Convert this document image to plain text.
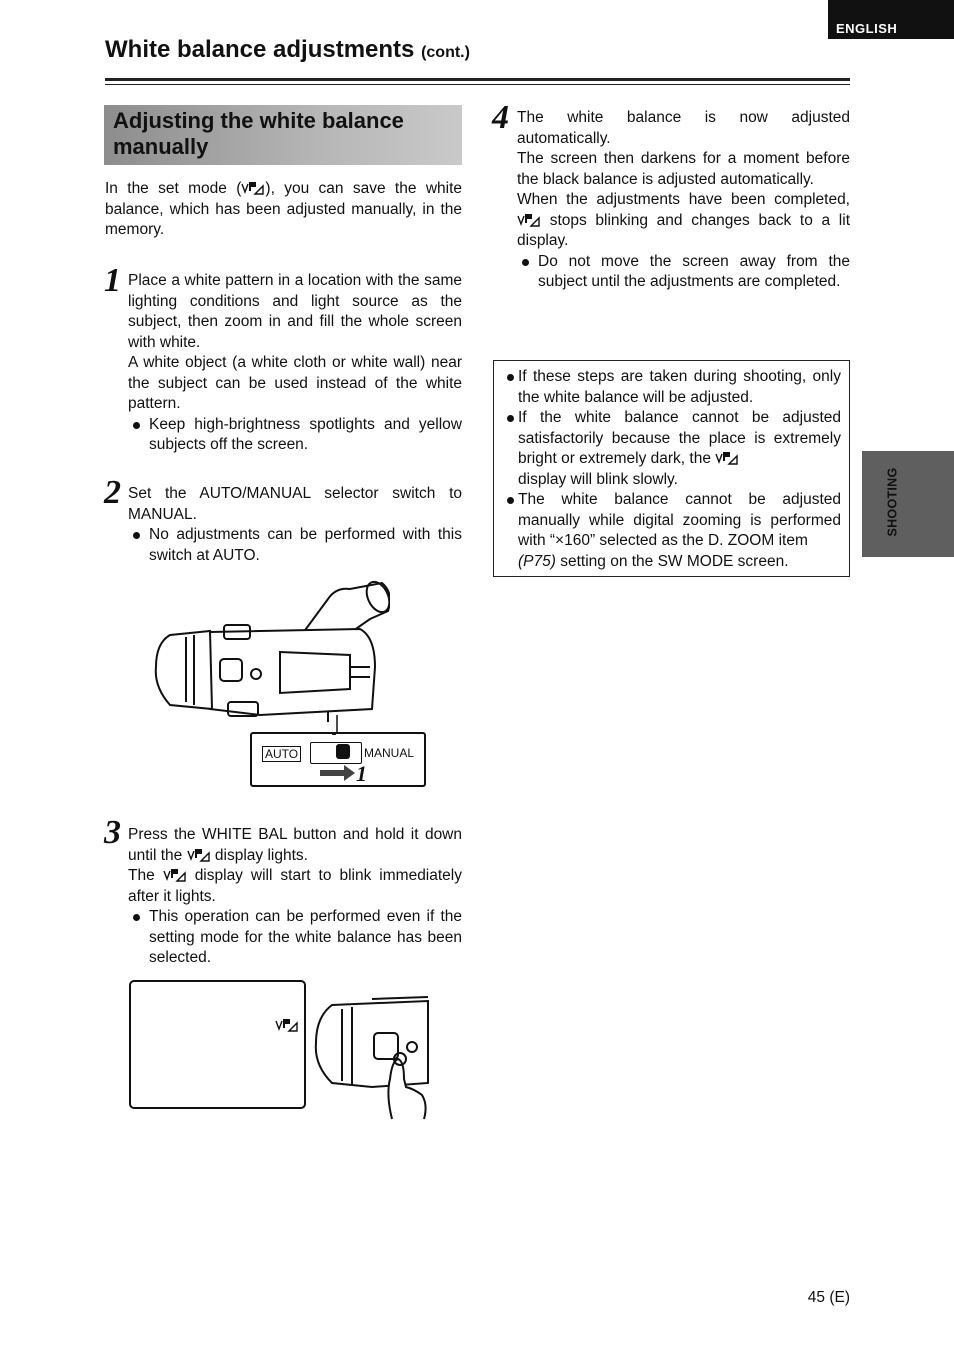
ENGLISH
White balance adjustments (cont.)
Adjusting the white balance
manually

In the set mode ( ), you can save the white balance, which has been adjusted manually, in the memory.

1 Place a white pattern in a location with the same lighting conditions and light source as the subject, then zoom in and fill the whole screen with white.

A white object (a white cloth or white wall) near the subject can be used instead of the white pattern.

Keep high-brightness spotlights and yellow subjects off the screen.

2 Set the AUTO/MANUAL selector switch to MANUAL.

No adjustments can be performed with this switch at AUTO.

AUTO	MANUAL
1
3 Press the WHITE BAL button and hold it down until the display lights.

The	display will start to blink immediately after it lights.

This operation can be performed even if the setting mode for the white balance has been selected.

4 The white balance is now adjusted automatically.

The screen then darkens for a moment before the black balance is adjusted automatically.

When the adjustments have been completed,  stops blinking and changes back to a lit display.

Do not move the screen away from the subject until the adjustments are completed.

If these steps are taken during shooting, only the white balance will be adjusted.

If the white balance cannot be adjusted satisfactorily because the place is extremely bright or extremely dark, the
display will blink slowly.

The white balance cannot be adjusted manually while digital zooming is performed with “×160” selected as the D. ZOOM item
(P75) setting on the SW MODE screen.

SHOOTING
45 (E)
